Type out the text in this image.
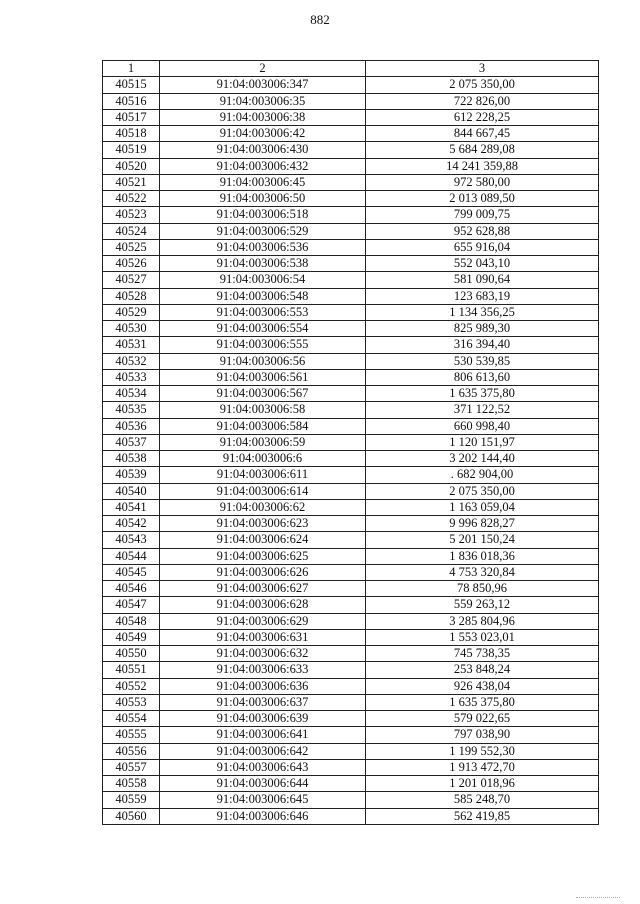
882
1	2	3
40515	91:04:003006:347	2 075 350,00
40516	91:04:003006:35	722 826,00
40517	91:04:003006:38	612 228,25
40518	91:04:003006:42	844 667,45
40519	91:04:003006:430	5 684 289,08
40520	91:04:003006:432	14 241 359,88
40521	91:04:003006:45	972 580,00
40522	91:04:003006:50	2 013 089,50
40523	91:04:003006:518	799 009,75
40524	91:04:003006:529	952 628,88
40525	91:04:003006:536	655 916,04
40526	91:04:003006:538	552 043,10
40527	91:04:003006:54	581 090,64
40528	91:04:003006:548	123 683,19
40529	91:04:003006:553	1 134 356,25
40530	91:04:003006:554	825 989,30
40531	91:04:003006:555	316 394,40
40532	91:04:003006:56	530 539,85
40533	91:04:003006:561	806 613,60
40534	91:04:003006:567	1 635 375,80
40535	91:04:003006:58	371 122,52
40536	91:04:003006:584	660 998,40
40537	91:04:003006:59	1 120 151,97
40538	91:04:003006:6	3 202 144,40
40539	91:04:003006:611	. 682 904,00
40540	91:04:003006:614	2 075 350,00
40541	91:04:003006:62	1 163 059,04
40542	91:04:003006:623	9 996 828,27
40543	91:04:003006:624	5 201 150,24
40544	91:04:003006:625	1 836 018,36
40545	91:04:003006:626	4 753 320,84
40546	91:04:003006:627	78 850,96
40547	91:04:003006:628	559 263,12
40548	91:04:003006:629	3 285 804,96
40549	91:04:003006:631	1 553 023,01
40550	91:04:003006:632	745 738,35
40551	91:04:003006:633	253 848,24
40552	91:04:003006:636	926 438,04
40553	91:04:003006:637	1 635 375,80
40554	91:04:003006:639	579 022,65
40555	91:04:003006:641	797 038,90
40556	91:04:003006:642	1 199 552,30
40557	91:04:003006:643	1 913 472,70
40558	91:04:003006:644	1 201 018,96
40559	91:04:003006:645	585 248,70
40560	91:04:003006:646	562 419,85
